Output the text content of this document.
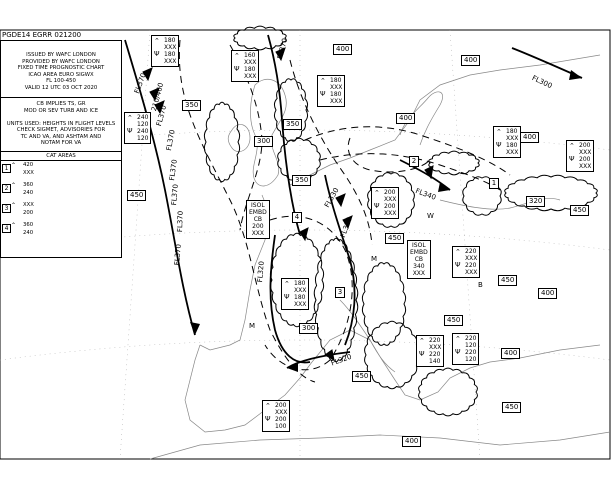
400
400
350
350
300
400
450
400
350
450
320
300
400
450
450
400
450
450
400
450
FL370
FL370
FL370
FL370
FL370
FL370
FL300
FL340
FL320
FL320
FL330
FL330
FL370
FL370
210/460
ISOL
EMBD
CB
200
XXX
ISOL
EMBD
CB
340
XXX
⌃
Ψ
180
XXX
180
XXX
⌃
Ψ
160
XXX
180
XXX
⌃
Ψ
180
XXX
180
XXX
⌃
Ψ
240
120
240
120
⌃
Ψ
180
XXX
180
XXX
⌃
Ψ
200
XXX
200
XXX
⌃
Ψ
200
XXX
200
XXX
⌃
Ψ
220
XXX
220
XXX
⌃
Ψ
180
XXX
180
XXX
⌃
Ψ
220
XXX
220
140
⌃
Ψ
220
120
220
120
⌃
Ψ
200
XXX
200
100
1
2
3
4
M
M
W
B
PGDE14 EGRR 021200
ISSUED BY WAFC LONDON
PROVIDED BY WAFC LONDON
FIXED TIME PROGNOSTIC CHART
ICAO AREA EURO SIGWX
FL 100-450
VALID 12 UTC 03 OCT 2020
CB IMPLIES TS, GR
MOD OR SEV TURB AND ICE

UNITS USED: HEIGHTS IN FLIGHT LEVELS
CHECK SIGMET, ADVISORIES FOR
TC AND VA, AND ASHTAM AND
NOTAM FOR VA
CAT AREAS
1 ⌃ 420
XXX
2 ⌃ 360
240
3 ⌃ XXX
200
4 ⌃ 360
240
